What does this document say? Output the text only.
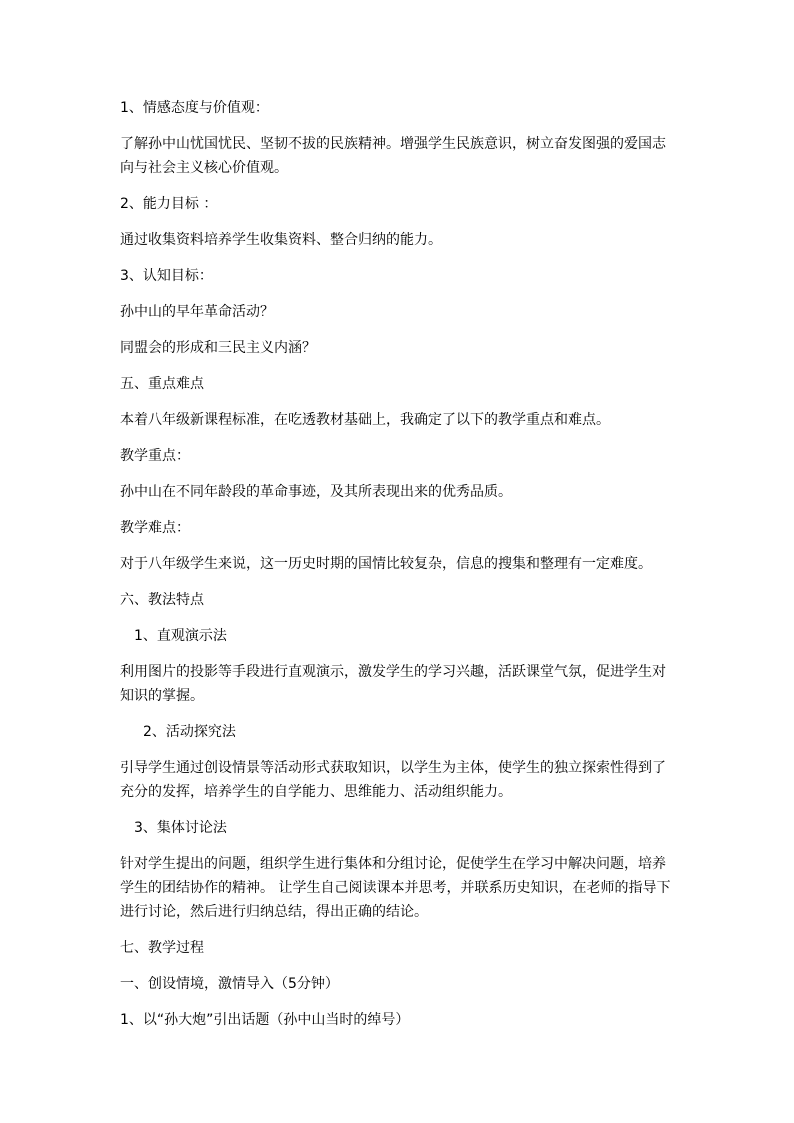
1、情感态度与价值观：

了解孙中山忧国忧民、坚韧不拔的民族精神。增强学生民族意识，树立奋发图强的爱国志向与社会主义核心价值观。

2、能力目标 ：

通过收集资料培养学生收集资料、整合归纳的能力。

3、认知目标：

孙中山的早年革命活动？

同盟会的形成和三民主义内涵？

五、重点难点

本着八年级新课程标准，在吃透教材基础上，我确定了以下的教学重点和难点。

教学重点：

孙中山在不同年龄段的革命事迹，及其所表现出来的优秀品质。

教学难点：

对于八年级学生来说，这一历史时期的国情比较复杂，信息的搜集和整理有一定难度。

六、教法特点

1、直观演示法

利用图片的投影等手段进行直观演示，激发学生的学习兴趣，活跃课堂气氛，促进学生对知识的掌握。

2、活动探究法

引导学生通过创设情景等活动形式获取知识，以学生为主体，使学生的独立探索性得到了充分的发挥，培养学生的自学能力、思维能力、活动组织能力。

3、集体讨论法

针对学生提出的问题，组织学生进行集体和分组讨论，促使学生在学习中解决问题，培养学生的团结协作的精神。 让学生自己阅读课本并思考，并联系历史知识，在老师的指导下进行讨论，然后进行归纳总结，得出正确的结论。

七、教学过程

一、创设情境，激情导入（5分钟）

1、以“孙大炮”引出话题（孙中山当时的绰号）
